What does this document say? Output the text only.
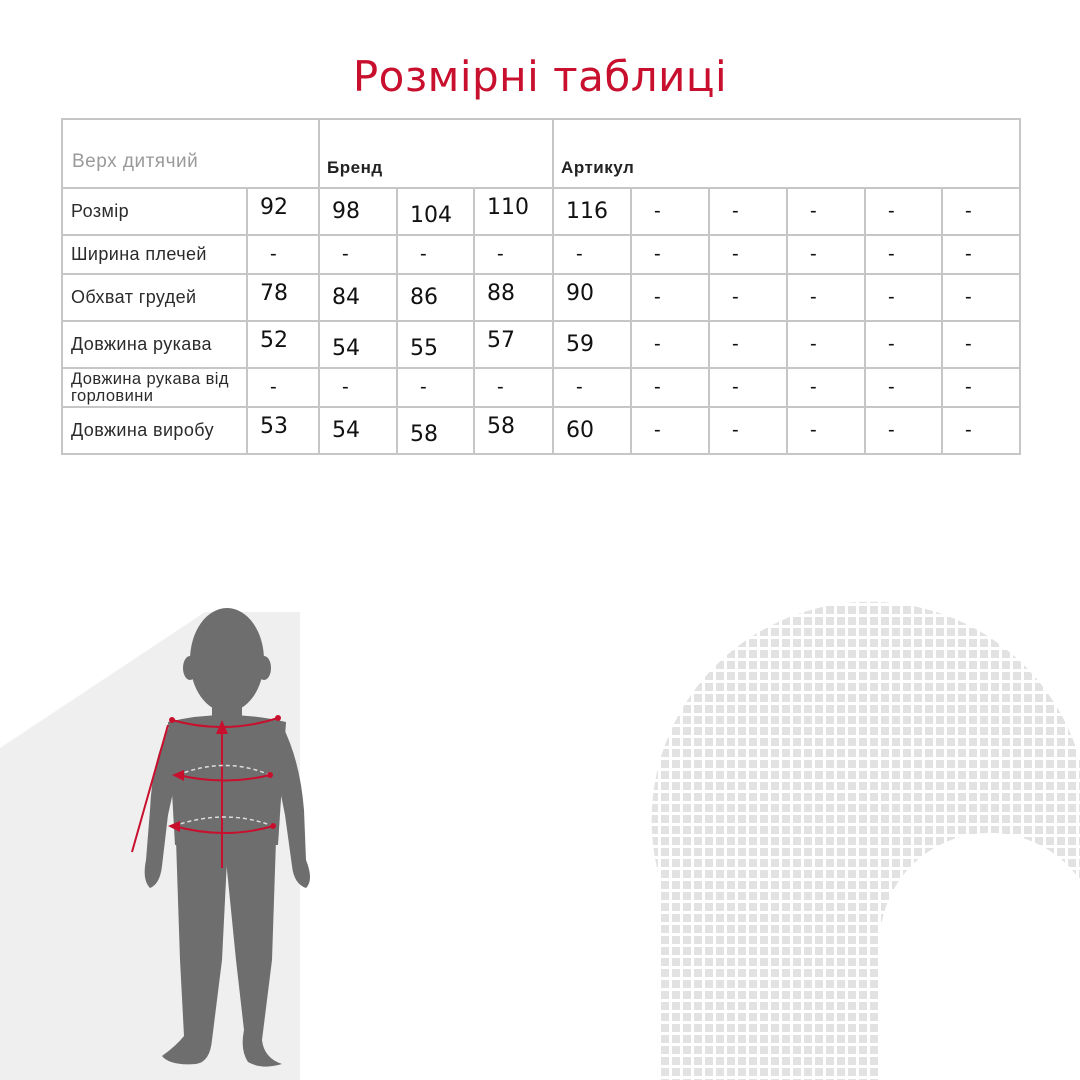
Розмірні таблиці
Верх дитячий		Бренд			Артикул					
Розмір	92	98	104	110	116	-	-	-	-	-
Ширина плечей	-	-	-	-	-	-	-	-	-	-
Обхват грудей	78	84	86	88	90	-	-	-	-	-
Довжина рукава	52	54	55	57	59	-	-	-	-	-
Довжина рукава від горловини	-	-	-	-	-	-	-	-	-	-
Довжина виробу	53	54	58	58	60	-	-	-	-	-
